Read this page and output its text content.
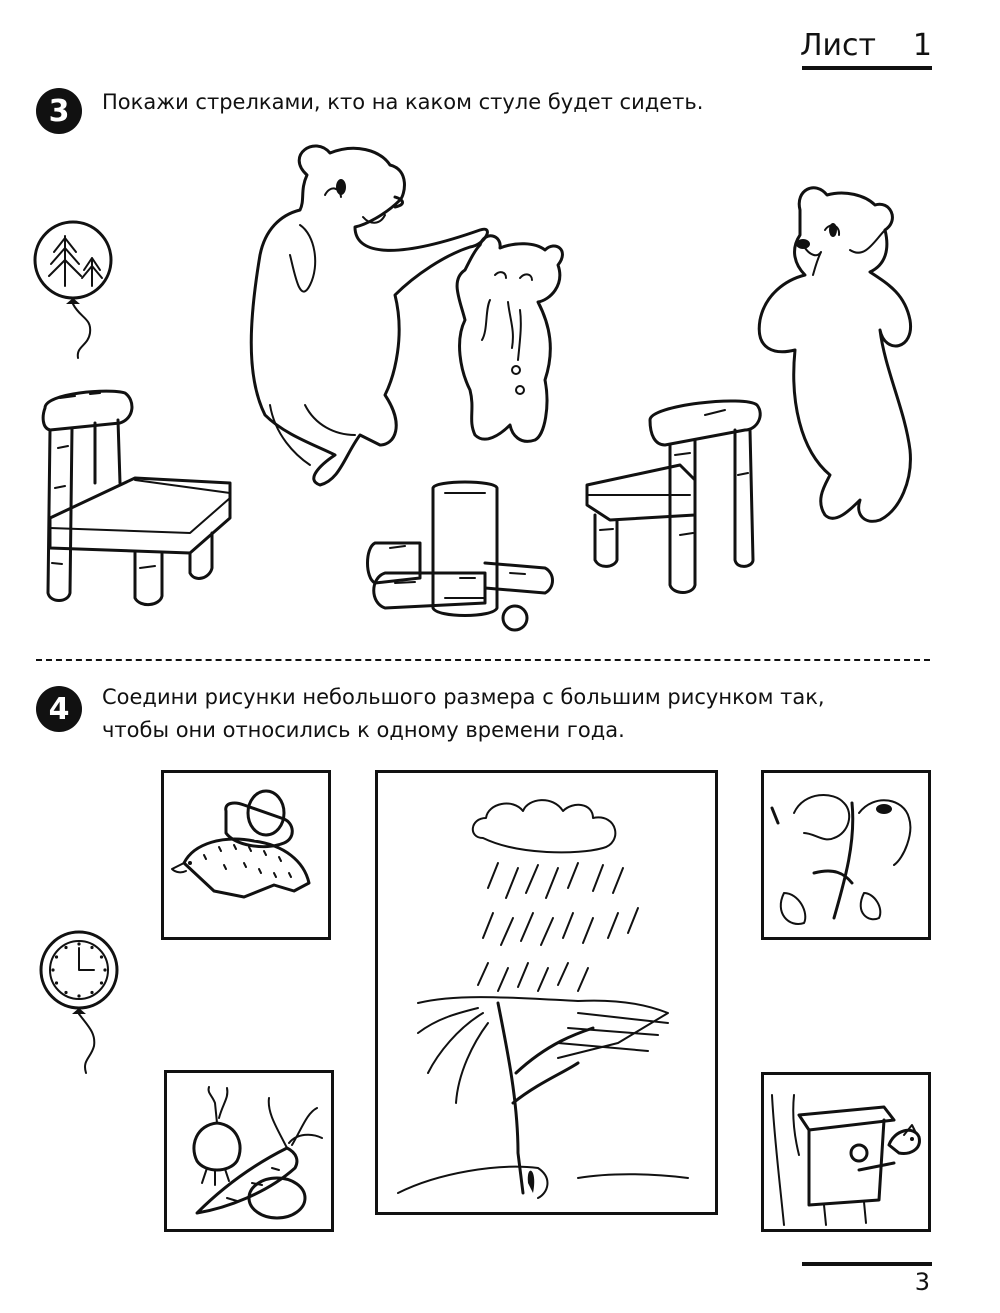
Лист 1
3 Покажи стрелками, кто на каком стуле будет сидеть.
4 Соедини рисунки небольшого размера с большим рисунком так,
чтобы они относились к одному времени года.
3
